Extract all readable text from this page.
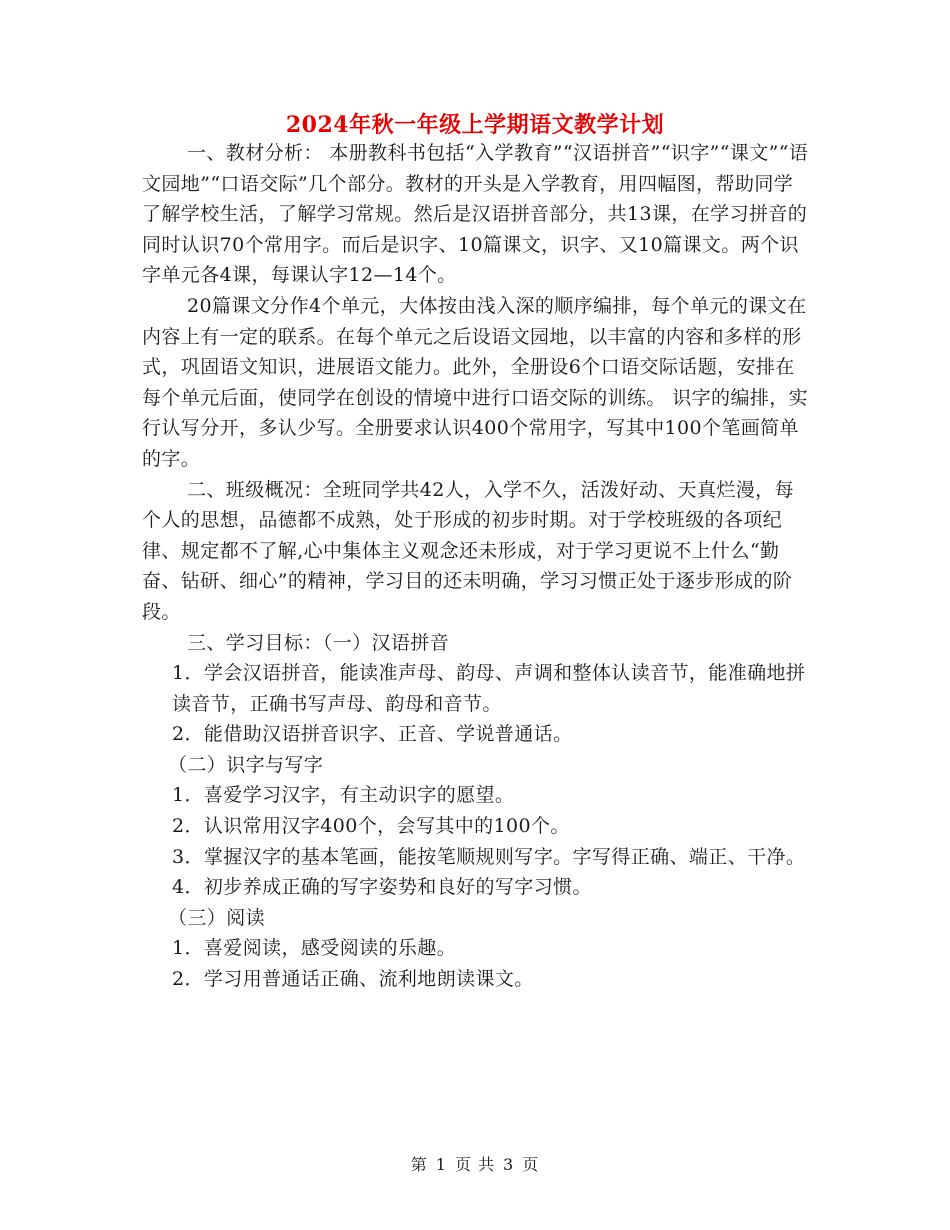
2024年秋一年级上学期语文教学计划

一、教材分析： 本册教科书包括“入学教育”“汉语拼音”“识字”“课文”“语文园地”“口语交际”几个部分。教材的开头是入学教育，用四幅图，帮助同学了解学校生活，了解学习常规。然后是汉语拼音部分，共13课，在学习拼音的同时认识70个常用字。而后是识字、10篇课文，识字、又10篇课文。两个识字单元各4课，每课认字12—14个。

20篇课文分作4个单元，大体按由浅入深的顺序编排，每个单元的课文在内容上有一定的联系。在每个单元之后设语文园地，以丰富的内容和多样的形式，巩固语文知识，进展语文能力。此外，全册设6个口语交际话题，安排在每个单元后面，使同学在创设的情境中进行口语交际的训练。 识字的编排，实行认写分开，多认少写。全册要求认识400个常用字，写其中100个笔画简单的字。

二、班级概况：全班同学共42人，入学不久，活泼好动、天真烂漫，每个人的思想，品德都不成熟，处于形成的初步时期。对于学校班级的各项纪律、规定都不了解,心中集体主义观念还未形成，对于学习更说不上什么“勤奋、钻研、细心”的精神，学习目的还未明确，学习习惯正处于逐步形成的阶段。

三、学习目标：（一）汉语拼音

1．学会汉语拼音，能读准声母、韵母、声调和整体认读音节，能准确地拼读音节，正确书写声母、韵母和音节。

2．能借助汉语拼音识字、正音、学说普通话。

（二）识字与写字

1．喜爱学习汉字，有主动识字的愿望。

2．认识常用汉字400个，会写其中的100个。

3．掌握汉字的基本笔画，能按笔顺规则写字。字写得正确、端正、干净。

4．初步养成正确的写字姿势和良好的写字习惯。

（三）阅读

1．喜爱阅读，感受阅读的乐趣。

2．学习用普通话正确、流利地朗读课文。

第 1 页 共 3 页
